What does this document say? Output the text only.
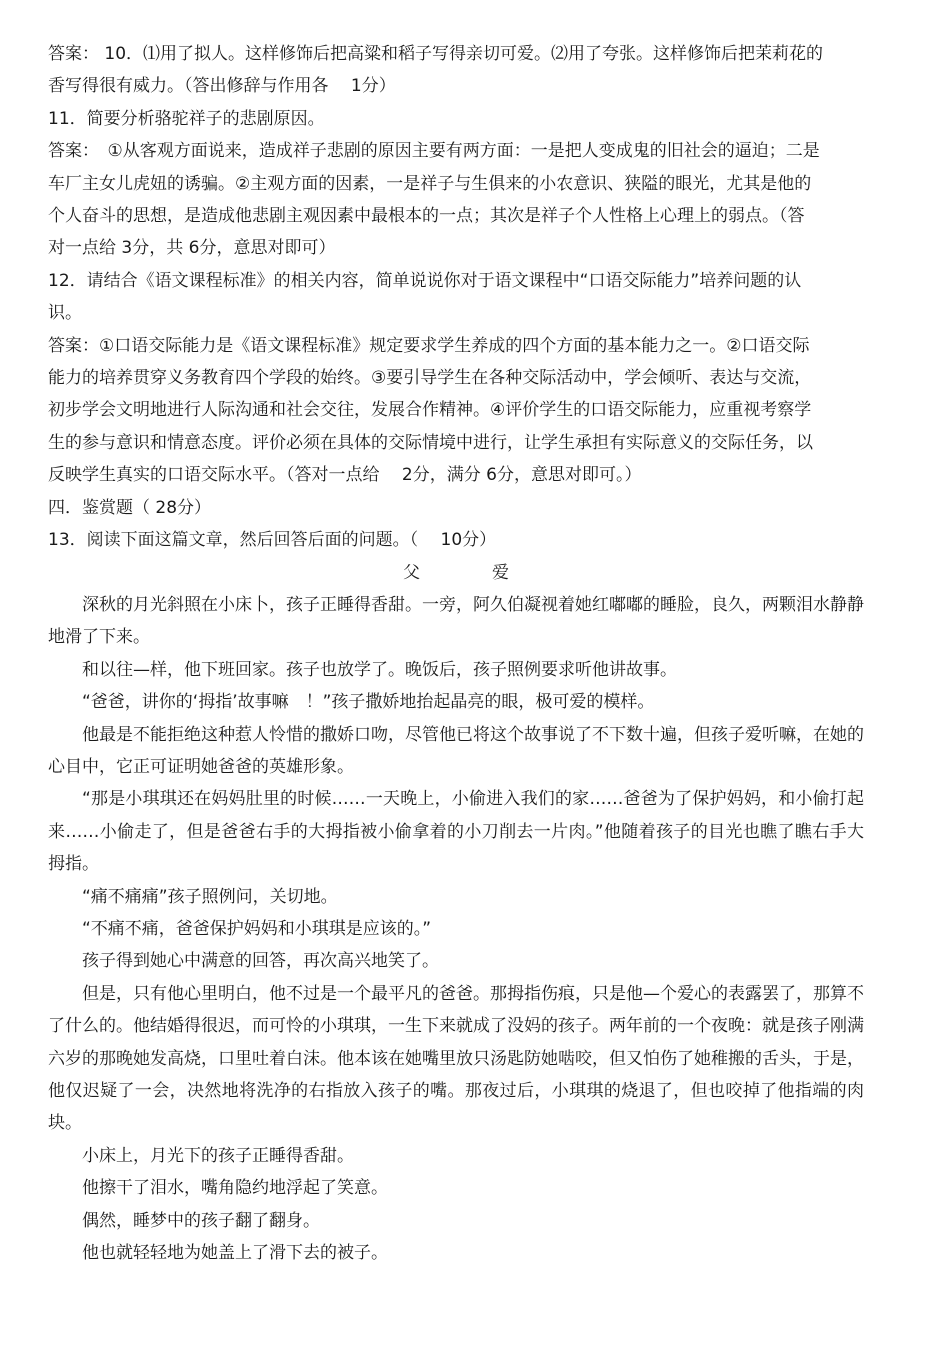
答案： 10．⑴用了拟人。这样修饰后把高粱和稻子写得亲切可爱。⑵用了夸张。这样修饰后把茉莉花的

香写得很有威力。（答出修辞与作用各　 1分）

11．简要分析骆驼祥子的悲剧原因。

答案：　①从客观方面说来，造成祥子悲剧的原因主要有两方面：一是把人变成鬼的旧社会的逼迫；二是

车厂主女儿虎妞的诱骗。②主观方面的因素，一是祥子与生俱来的小农意识、狭隘的眼光，尤其是他的

个人奋斗的思想，是造成他悲剧主观因素中最根本的一点；其次是祥子个人性格上心理上的弱点。（答

对一点给 3分，共 6分，意思对即可）

12．请结合《语文课程标准》的相关内容，简单说说你对于语文课程中“口语交际能力”培养问题的认

识。

答案：①口语交际能力是《语文课程标准》规定要求学生养成的四个方面的基本能力之一。②口语交际

能力的培养贯穿义务教育四个学段的始终。③要引导学生在各种交际活动中，学会倾听、表达与交流，

初步学会文明地进行人际沟通和社会交往，发展合作精神。④评价学生的口语交际能力，应重视考察学

生的参与意识和情意态度。评价必须在具体的交际情境中进行，让学生承担有实际意义的交际任务，以

反映学生真实的口语交际水平。（答对一点给　 2分，满分 6分，意思对即可。）

四．鉴赏题（ 28分）

13．阅读下面这篇文章，然后回答后面的问题。（　 10分）

父	爱

深秋的月光斜照在小床卜，孩子正睡得香甜。一旁，阿久伯凝视着她红嘟嘟的睡脸，良久，两颗泪水静静地滑了下来。

和以往—样，他下班回家。孩子也放学了。晚饭后，孩子照例要求听他讲故事。

“爸爸，讲你的‘拇指’故事嘛　！”孩子撒娇地抬起晶亮的眼，极可爱的模样。

他最是不能拒绝这种惹人怜惜的撒娇口吻，尽管他已将这个故事说了不下数十遍，但孩子爱听嘛，在她的心目中，它正可证明她爸爸的英雄形象。

“那是小琪琪还在妈妈肚里的时候……一天晚上，小偷进入我们的家……爸爸为了保护妈妈，和小偷打起来……小偷走了，但是爸爸右手的大拇指被小偷拿着的小刀削去一片肉。”他随着孩子的目光也瞧了瞧右手大拇指。

“痛不痛痛”孩子照例问，关切地。

“不痛不痛，爸爸保护妈妈和小琪琪是应该的。”

孩子得到她心中满意的回答，再次高兴地笑了。

但是，只有他心里明白，他不过是一个最平凡的爸爸。那拇指伤痕，只是他—个爱心的表露罢了，那算不了什么的。他结婚得很迟，而可怜的小琪琪，一生下来就成了没妈的孩子。两年前的一个夜晚：就是孩子刚满六岁的那晚她发高烧，口里吐着白沫。他本该在她嘴里放只汤匙防她啮咬，但又怕伤了她稚搬的舌头，于是，他仅迟疑了一会，决然地将洗净的右指放入孩子的嘴。那夜过后，小琪琪的烧退了，但也咬掉了他指端的肉块。

小床上，月光下的孩子正睡得香甜。

他擦干了泪水，嘴角隐约地浮起了笑意。

偶然，睡梦中的孩子翻了翻身。

他也就轻轻地为她盖上了滑下去的被子。
